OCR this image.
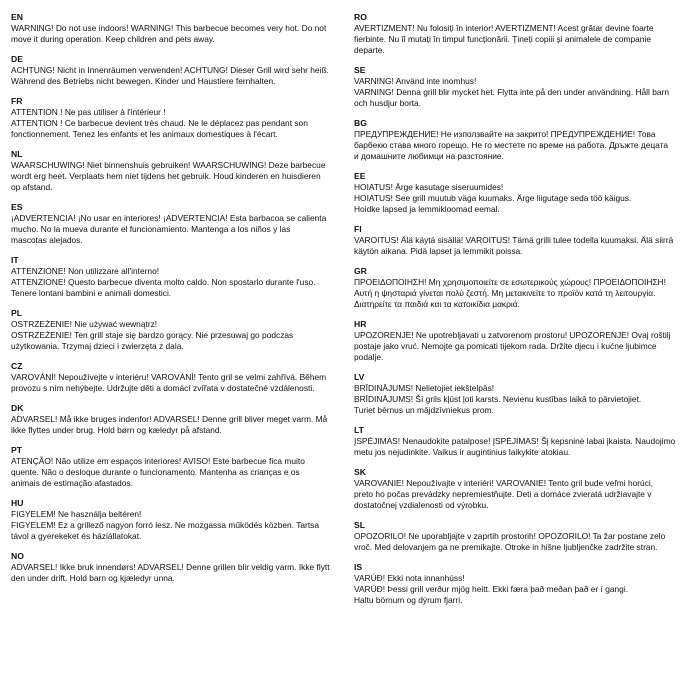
EN
WARNING! Do not use indoors! WARNING! This barbecue becomes very hot. Do not
move it during operation. Keep children and pets away.
DE
ACHTUNG! Nicht in Innenräumen verwenden! ACHTUNG! Dieser Grill wird sehr heiß.
Während des Betriebs nicht bewegen. Kinder und Haustiere fernhalten.
FR
ATTENTION ! Ne pas utiliser à l'intérieur !
ATTENTION ! Ce barbecue devient très chaud. Ne le déplacez pas pendant son
fonctionnement. Tenez les enfants et les animaux domestiques à l'écart.
NL
WAARSCHUWING! Niet binnenshuis gebruiken! WAARSCHUWING! Deze barbecue
wordt erg heet. Verplaats hem niet tijdens het gebruik. Houd kinderen en huisdieren
op afstand.
ES
¡ADVERTENCIA! ¡No usar en interiores! ¡ADVERTENCIA! Esta barbacoa se calienta
mucho. No la mueva durante el funcionamiento. Mantenga a los niños y las
mascotas alejados.
IT
ATTENZIONE! Non utilizzare all'interno!
ATTENZIONE! Questo barbecue diventa molto caldo. Non spostarlo durante l'uso.
Tenere lontani bambini e animali domestici.
PL
OSTRZEŻENIE! Nie używać wewnątrz!
OSTRZEŻENIE! Ten grill staje się bardzo gorący. Nie przesuwaj go podczas
użytkowania. Trzymaj dzieci i zwierzęta z dala.
CZ
VAROVÁNÍ! Nepoužívejte v interiéru! VAROVÁNÍ! Tento gril se velmi zahřívá. Během
provozu s ním nehýbejte. Udržujte děti a domácí zvířata v dostatečné vzdálenosti.
DK
ADVARSEL! Må ikke bruges indenfor! ADVARSEL! Denne grill bliver meget varm. Må
ikke flyttes under brug. Hold børn og kæledyr på afstand.
PT
ATENÇÃO! Não utilize em espaços interiores! AVISO! Este barbecue fica muito
quente. Não o desloque durante o funcionamento. Mantenha as crianças e os
animais de estimação afastados.
HU
FIGYELEM! Ne használja beltéren!
FIGYELEM! Ez a grillező nagyon forró lesz. Ne mozgassa működés közben. Tartsa
távol a gyerekeket és háziállatokat.
NO
ADVARSEL! Ikke bruk innendørs! ADVARSEL! Denne grillen blir veldig varm. Ikke flytt
den under drift. Hold barn og kjæledyr unna.
RO
AVERTIZMENT! Nu folosiți în interior! AVERTIZMENT! Acest grătar devine foarte
fierbinte. Nu îl mutați în timpul funcționării. Țineți copiii și animalele de companie
departe.
SE
VARNING! Använd inte inomhus!
VARNING! Denna grill blir mycket het. Flytta inte på den under användning. Håll barn
och husdjur borta.
BG
ПРЕДУПРЕЖДЕНИЕ! Не използвайте на закрито! ПРЕДУПРЕЖДЕНИЕ! Това
барбекю става много горещо. Не го местете по време на работа. Дръжте децата
и домашните любимци на разстояние.
EE
HOIATUS! Ärge kasutage siseruumides!
HOIATUS! See grill muutub väga kuumaks. Ärge liigutage seda töö käigus.
Hoidke lapsed ja lemmikloomad eemal.
FI
VAROITUS! Älä käytä sisällä! VAROITUS! Tämä grilli tulee todella kuumaksi. Älä siirrä
käytön aikana. Pidä lapset ja lemmikit poissa.
GR
ΠΡΟΕΙΔΟΠΟΙΗΣΗ! Μη χρησιμοποιείτε σε εσωτερικούς χώρους! ΠΡΟΕΙΔΟΠΟΙΗΣΗ!
Αυτή η ψησταριά γίνεται πολύ ζεστή. Μη μετακινείτε το προϊόν κατά τη λειτουργία.
Διατηρείτε τα παιδιά και τα κατοικίδια μακριά.
HR
UPOZORENJE! Ne upotrebljavati u zatvorenom prostoru! UPOZORENJE! Ovaj roštilj
postaje jako vruć. Nemojte ga pomicati tijekom rada. Držite djecu i kućne ljubimce
podalje.
LV
BRĪDINĀJUMS! Nelietojiet iekštelpās!
BRĪDINĀJUMS! Šī grils kļūst ļoti karsts. Nevienu kustības laikā to pārvietojiet.
Turiet bērnus un mājdzīvniekus prom.
LT
ĮSPĖJIMAS! Nenaudokite patalpose! ĮSPĖJIMAS! Šį kepsninė labai įkaista. Naudojimo
metu jos nejudinkite. Vaikus ir augintinius laikykite atokiau.
SK
VAROVANIE! Nepoužívajte v interiéri! VAROVANIE! Tento gril bude veľmi horúci,
preto ho počas prevádzky nepremiestňujte. Deti a domáce zvieratá udržiavajte v
dostatočnej vzdialenosti od výrobku.
SL
OPOZORILO! Ne uporabljajte v zaprtih prostorih! OPOZORILO! Ta žar postane zelo
vroč. Med delovanjem ga ne premikajte. Otroke in hišne ljubljenčke zadržite stran.
IS
VARÚÐ! Ekki nota innanhúss!
VARÚÐ! Þessi grill verður mjög heitt. Ekki færa það meðan það er í gangi.
Haltu börnum og dýrum fjarri.
